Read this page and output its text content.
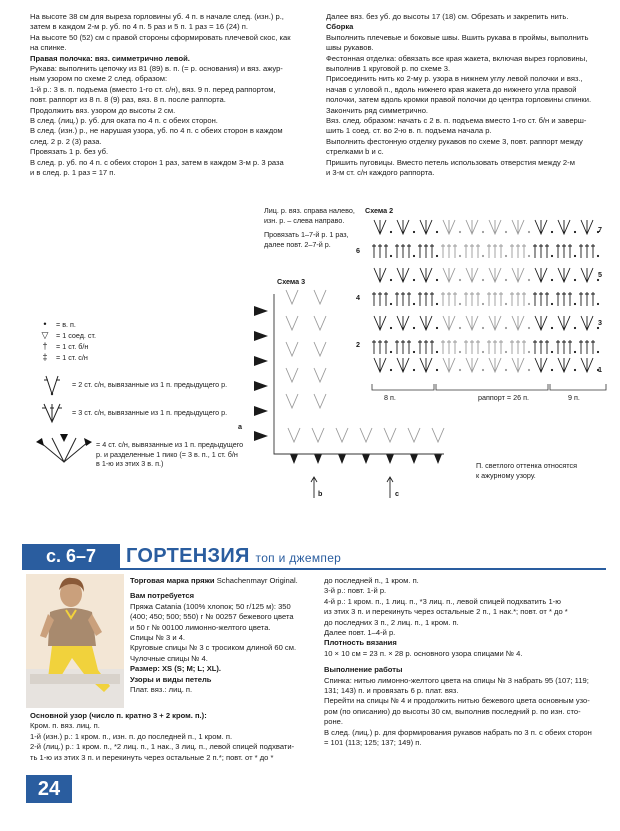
На высоте 38 см для выреза горловины уб. 4 п. в начале след. (изн.) р.,

затем в каждом 2-м р. уб. по 4 п. 5 раз и 5 п. 1 раз = 16 (24) п.

На высоте 50 (52) см с правой стороны сформировать плечевой скос, как

на спинке.

Правая полочка: вяз. симметрично левой.

Рукава: выполнить цепочку из 81 (89) в. п. (= р. основания) и вяз. ажур-

ным узором по схеме 2 след. образом:

1-й р.: 3 в. п. подъема (вместо 1-го ст. с/н), вяз. 9 п. перед раппортом,

повт. раппорт из 8 п. 8 (9) раз, вяз. 8 п. после раппорта.

Продолжить вяз. узором до высоты 2 см.

В след. (лиц.) р. уб. для оката по 4 п. с обеих сторон.

В след. (изн.) р., не нарушая узора, уб. по 4 п. с обеих сторон в каждом

след. 2 р. 2 (3) раза.

Провязать 1 р. без уб.

В след. р. уб. по 4 п. с обеих сторон 1 раз, затем в каждом 3-м р. 3 раза

и в след. р. 1 раз = 17 п.

Далее вяз. без уб. до высоты 17 (18) см. Обрезать и закрепить нить.

Сборка

Выполнить плечевые и боковые швы. Вшить рукава в проймы, выполнить

швы рукавов.

Фестонная отделка: обвязать все края жакета, включая вырез горловины,

выполнив 1 круговой р. по схеме 3.

Присоединить нить ко 2-му р. узора в нижнем углу левой полочки и вяз.,

начав с угловой п., вдоль нижнего края жакета до нижнего угла правой

полочки, затем вдоль кромки правой полочки до центра горловины спинки.

Закончить ряд симметрично.

Вяз. след. образом: начать с 2 в. п. подъема вместо 1-го ст. б/н и заверш-

шить 1 соед. ст. во 2-ю в. п. подъема начала р.

Выполнить фестонную отделку рукавов по схеме 3, повт. раппорт между

стрелками b и с.

Пришить пуговицы. Вместо петель использовать отверстия между 2-м

и 3-м ст. с/н каждого раппорта.

Лиц. р. вяз. справа налево,
изн. р. – слева направо.
Провязать 1–7-й р. 1 раз,
далее повт. 2–7-й р.
Схема 2
Схема 3
7
6
5
4
3
2
1
8 п.	раппорт = 26 п.	9 п.
a
b	c
П. светлого оттенка относятся
к ажурному узору.
•	= в. п.
▽	= 1 соед. ст.
†	= 1 ст. б/н
‡	= 1 ст. с/н
= 2 ст. с/н, вывязанные из 1 п. предыдущего р.
= 3 ст. с/н, вывязанные из 1 п. предыдущего р.
= 4 ст. с/н, вывязанные из 1 п. предыдущего
р. и разделенные 1 пико (= 3 в. п., 1 ст. б/н
в 1-ю из этих 3 в. п.)
с. 6–7	ГОРТЕНЗИЯ топ и джемпер

Торговая марка пряжи Schachenmayr Original.

Вам потребуется

Пряжа Catania (100% хлопок; 50 г/125 м): 350

(400; 450; 500; 550) г № 00257 бежевого цвета

и 50 г № 00100 лимонно-желтого цвета.

Спицы № 3 и 4.

Круговые спицы № 3 с тросиком длиной 60 см.

Чулочные спицы № 4.

Размер: XS (S; M; L; XL).

Узоры и виды петель

Плат. вяз.: лиц. п.

Основной узор (число п. кратно 3 + 2 кром. п.):

Кром. п. вяз. лиц. п.

1-й (изн.) р.: 1 кром. п., изн. п. до последней п., 1 кром. п.

2-й (лиц.) р.: 1 кром. п., *2 лиц. п., 1 нак., 3 лиц. п., левой спицей подхвати-

ть 1-ю из этих 3 п. и перекинуть через остальные 2 п.*; повт. от * до *

до последней п., 1 кром. п.

3-й р.: повт. 1-й р.

4-й р.: 1 кром. п., 1 лиц. п., *3 лиц. п., левой спицей подхватить 1-ю

из этих 3 п. и перекинуть через остальные 2 п., 1 нак.*; повт. от * до *

до последних 3 п., 2 лиц. п., 1 кром. п.

Далее повт. 1–4-й р.

Плотность вязания

10 × 10 см = 23 п. × 28 р. основного узора спицами № 4.

Выполнение работы

Спинка: нитью лимонно-желтого цвета на спицы № 3 набрать 95 (107; 119;

131; 143) п. и провязать 6 р. плат. вяз.

Перейти на спицы № 4 и продолжить нитью бежевого цвета основным узо-

ром (по описанию) до высоты 30 см, выполнив последний р. по изн. сто-

роне.

В след. (лиц.) р. для формирования рукавов набрать по 3 п. с обеих сторон

= 101 (113; 125; 137; 149) п.

24
